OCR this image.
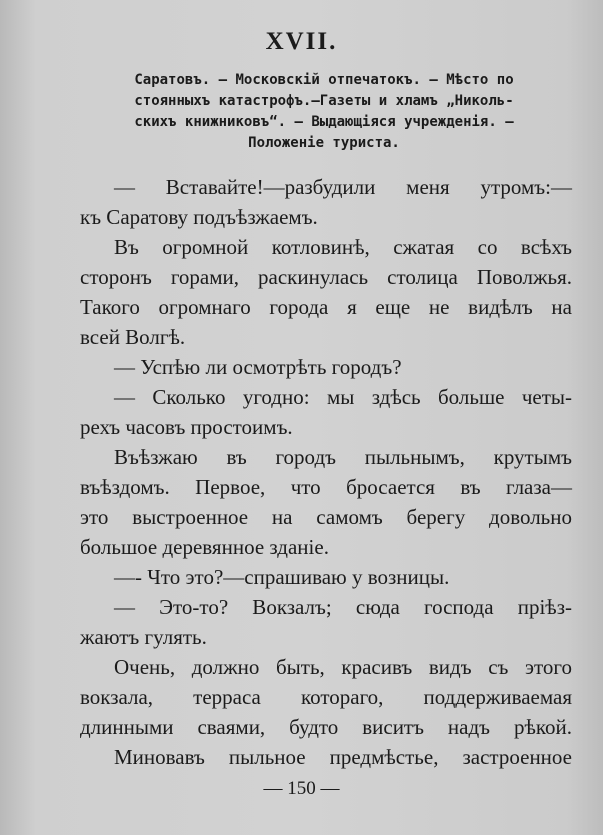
XVII.
Саратовъ. — Московскій отпечатокъ. — Мѣсто по
стоянныхъ катастрофъ.—Газеты и хламъ „Николь-
скихъ книжниковъ“. — Выдающіяся учрежденія. —
Положеніе туриста.
— Вставайте!—разбудили меня утромъ:—
къ Саратову подъѣзжаемъ.
Въ огромной котловинѣ, сжатая со всѣхъ
сторонъ горами, раскинулась столица Поволжья.
Такого огромнаго города я еще не видѣлъ на
всей Волгѣ.
— Успѣю ли осмотрѣть городъ?
— Сколько угодно: мы здѣсь больше четы-
рехъ часовъ простоимъ.
Въѣзжаю въ городъ пыльнымъ, крутымъ
въѣздомъ. Первое, что бросается въ глаза—
это выстроенное на самомъ берегу довольно
большое деревянное зданіе.
—- Что это?—спрашиваю у возницы.
— Это-то? Вокзалъ; сюда господа пріѣз-
жаютъ гулять.
Очень, должно быть, красивъ видъ съ этого
вокзала, терраса котораго, поддерживаемая
длинными сваями, будто виситъ надъ рѣкой.
Миновавъ пыльное предмѣстье, застроенное
— 150 —
